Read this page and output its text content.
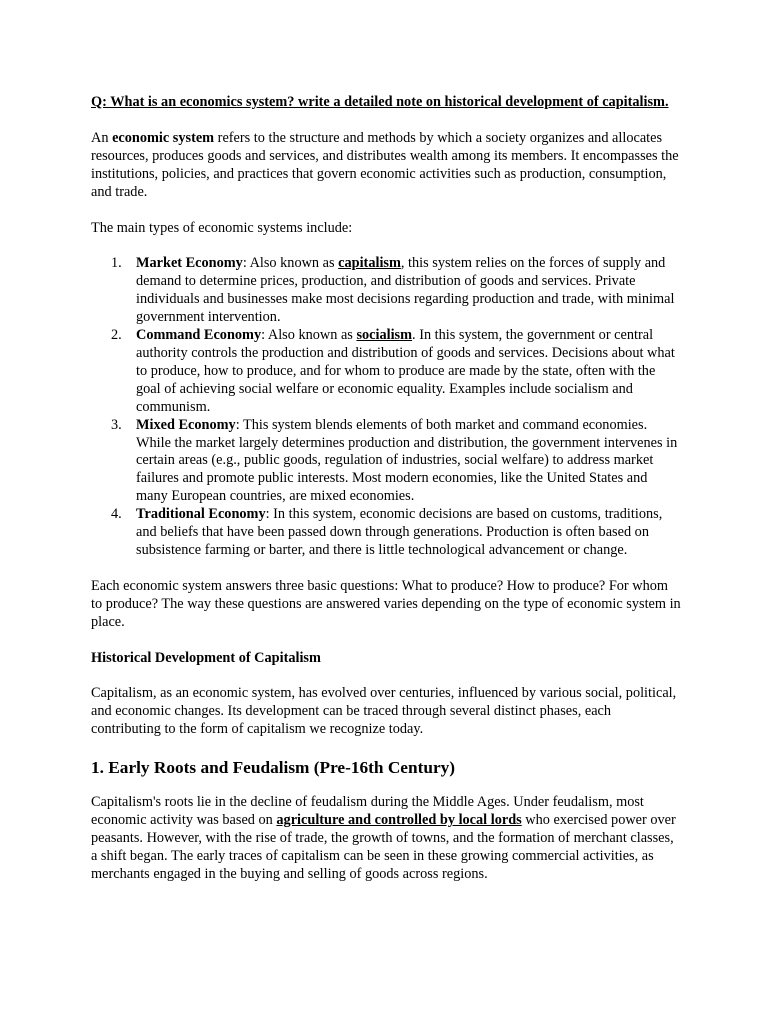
Q: What is an economics system? write a detailed note on historical development of capitalism.

An economic system refers to the structure and methods by which a society organizes and allocates resources, produces goods and services, and distributes wealth among its members. It encompasses the institutions, policies, and practices that govern economic activities such as production, consumption, and trade.

The main types of economic systems include:

1. Market Economy: Also known as capitalism, this system relies on the forces of supply and demand to determine prices, production, and distribution of goods and services. Private individuals and businesses make most decisions regarding production and trade, with minimal government intervention.
2. Command Economy: Also known as socialism. In this system, the government or central authority controls the production and distribution of goods and services. Decisions about what to produce, how to produce, and for whom to produce are made by the state, often with the goal of achieving social welfare or economic equality. Examples include socialism and communism.
3. Mixed Economy: This system blends elements of both market and command economies. While the market largely determines production and distribution, the government intervenes in certain areas (e.g., public goods, regulation of industries, social welfare) to address market failures and promote public interests. Most modern economies, like the United States and many European countries, are mixed economies.
4. Traditional Economy: In this system, economic decisions are based on customs, traditions, and beliefs that have been passed down through generations. Production is often based on subsistence farming or barter, and there is little technological advancement or change.

Each economic system answers three basic questions: What to produce? How to produce? For whom to produce? The way these questions are answered varies depending on the type of economic system in place.

Historical Development of Capitalism

Capitalism, as an economic system, has evolved over centuries, influenced by various social, political, and economic changes. Its development can be traced through several distinct phases, each contributing to the form of capitalism we recognize today.

1. Early Roots and Feudalism (Pre-16th Century)

Capitalism's roots lie in the decline of feudalism during the Middle Ages. Under feudalism, most economic activity was based on agriculture and controlled by local lords who exercised power over peasants. However, with the rise of trade, the growth of towns, and the formation of merchant classes, a shift began. The early traces of capitalism can be seen in these growing commercial activities, as merchants engaged in the buying and selling of goods across regions.
